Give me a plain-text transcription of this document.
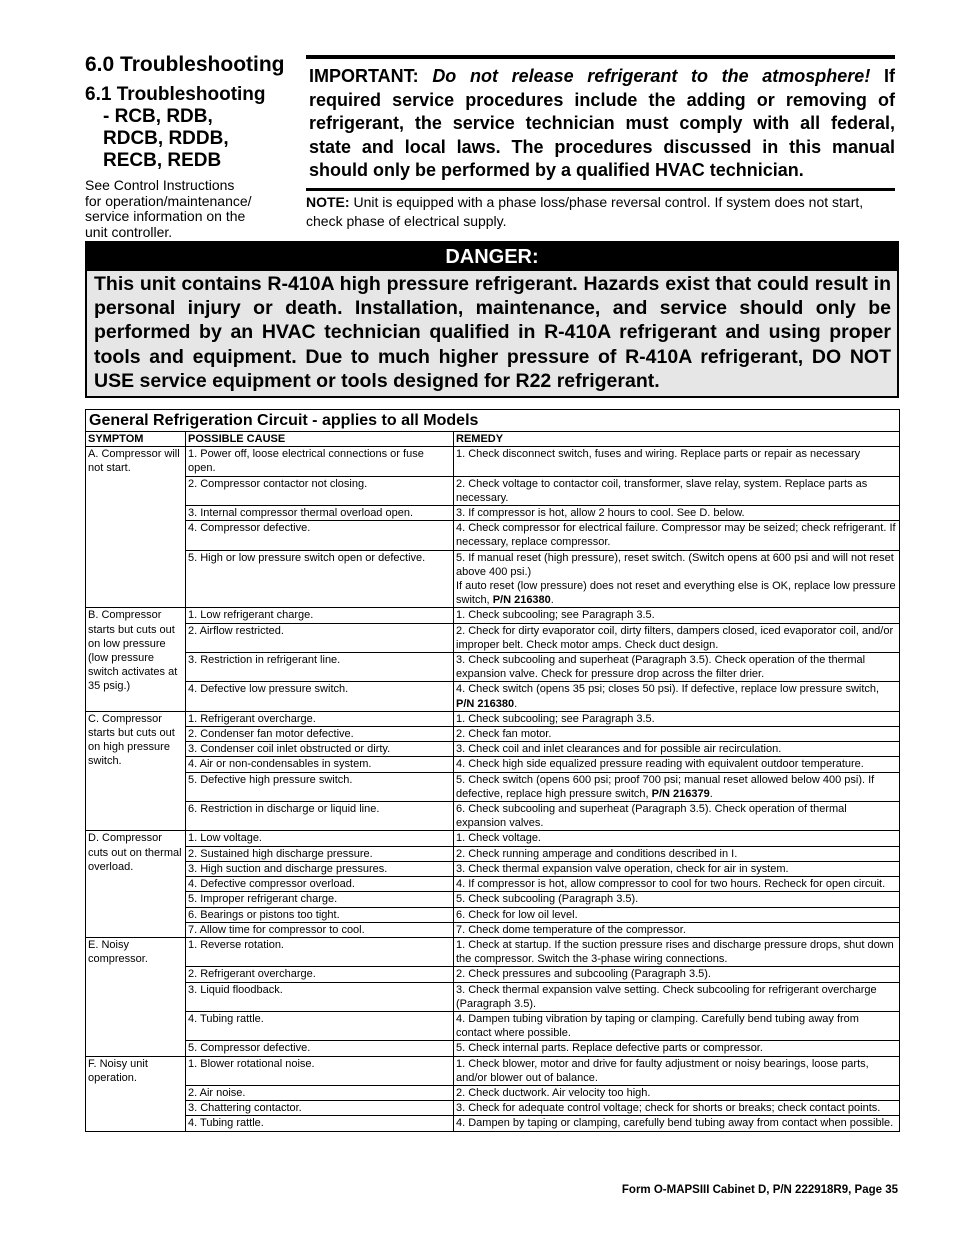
6.0 Troubleshooting
6.1 Troubleshooting
- RCB, RDB,
RDCB, RDDB,
RECB, REDB
See Control Instructions
for operation/maintenance/
service information on the
unit controller.
IMPORTANT: Do not release refrigerant to the atmosphere! If required service procedures include the adding or removing of refrigerant, the service technician must comply with all federal, state and local laws. The procedures discussed in this manual should only be performed by a qualified HVAC technician.
NOTE: Unit is equipped with a phase loss/phase reversal control. If system does not start, check phase of electrical supply.
DANGER:
This unit contains R-410A high pressure refrigerant. Hazards exist that could result in personal injury or death. Installation, maintenance, and service should only be performed by an HVAC technician qualified in R-410A refrigerant and using proper tools and equipment. Due to much higher pressure of R-410A refrigerant, DO NOT USE service equipment or tools designed for R22 refrigerant.
General Refrigeration Circuit - applies to all Models		
SYMPTOM	POSSIBLE CAUSE	REMEDY
A. Compressor will not start.	1. Power off, loose electrical connections or fuse open.	1. Check disconnect switch, fuses and wiring. Replace parts or repair as necessary
	2. Compressor contactor not closing.	2. Check voltage to contactor coil, transformer, slave relay, system. Replace parts as necessary.
	3. Internal compressor thermal overload open.	3. If compressor is hot, allow 2 hours to cool. See D. below.
	4. Compressor defective.	4. Check compressor for electrical failure. Compressor may be seized; check refrigerant. If necessary, replace compressor.
	5. High or low pressure switch open or defective.	5. If manual reset (high pressure), reset switch. (Switch opens at 600 psi and will not reset above 400 psi.)
If auto reset (low pressure) does not reset and everything else is OK, replace low pressure switch, P/N 216380.
B. Compressor starts but cuts out on low pressure (low pressure switch activates at 35 psig.)	1. Low refrigerant charge.	1. Check subcooling; see Paragraph 3.5.
	2. Airflow restricted.	2. Check for dirty evaporator coil, dirty filters, dampers closed, iced evaporator coil, and/or improper belt. Check motor amps. Check duct design.
	3. Restriction in refrigerant line.	3. Check subcooling and superheat (Paragraph 3.5). Check operation of the thermal expansion valve. Check for pressure drop across the filter drier.
	4. Defective low pressure switch.	4. Check switch (opens 35 psi; closes 50 psi). If defective, replace low pressure switch, P/N 216380.
C. Compressor starts but cuts out on high pressure switch.	1. Refrigerant overcharge.	1. Check subcooling; see Paragraph 3.5.
	2. Condenser fan motor defective.	2. Check fan motor.
	3. Condenser coil inlet obstructed or dirty.	3. Check coil and inlet clearances and for possible air recirculation.
	4. Air or non-condensables in system.	4. Check high side equalized pressure reading with equivalent outdoor temperature.
	5. Defective high pressure switch.	5. Check switch (opens 600 psi; proof 700 psi; manual reset allowed below 400 psi). If defective, replace high pressure switch, P/N 216379.
	6. Restriction in discharge or liquid line.	6. Check subcooling and superheat (Paragraph 3.5). Check operation of thermal expansion valves.
D. Compressor cuts out on thermal overload.	1. Low voltage.	1. Check voltage.
	2. Sustained high discharge pressure.	2. Check running amperage and conditions described in I.
	3. High suction and discharge pressures.	3. Check thermal expansion valve operation, check for air in system.
	4. Defective compressor overload.	4. If compressor is hot, allow compressor to cool for two hours. Recheck for open circuit.
	5. Improper refrigerant charge.	5. Check subcooling (Paragraph 3.5).
	6. Bearings or pistons too tight.	6. Check for low oil level.
	7. Allow time for compressor to cool.	7. Check dome temperature of the compressor.
E. Noisy compressor.	1. Reverse rotation.	1. Check at startup. If the suction pressure rises and discharge pressure drops, shut down the compressor. Switch the 3-phase wiring connections.
	2. Refrigerant overcharge.	2. Check pressures and subcooling (Paragraph 3.5).
	3. Liquid floodback.	3. Check thermal expansion valve setting. Check subcooling for refrigerant overcharge (Paragraph 3.5).
	4. Tubing rattle.	4. Dampen tubing vibration by taping or clamping. Carefully bend tubing away from contact where possible.
	5. Compressor defective.	5. Check internal parts. Replace defective parts or compressor.
F. Noisy unit operation.	1. Blower rotational noise.	1. Check blower, motor and drive for faulty adjustment or noisy bearings, loose parts, and/or blower out of balance.
	2. Air noise.	2. Check ductwork. Air velocity too high.
	3. Chattering contactor.	3. Check for adequate control voltage; check for shorts or breaks; check contact points.
	4. Tubing rattle.	4. Dampen by taping or clamping, carefully bend tubing away from contact when possible.
Form O-MAPSIII Cabinet D, P/N 222918R9, Page 35
